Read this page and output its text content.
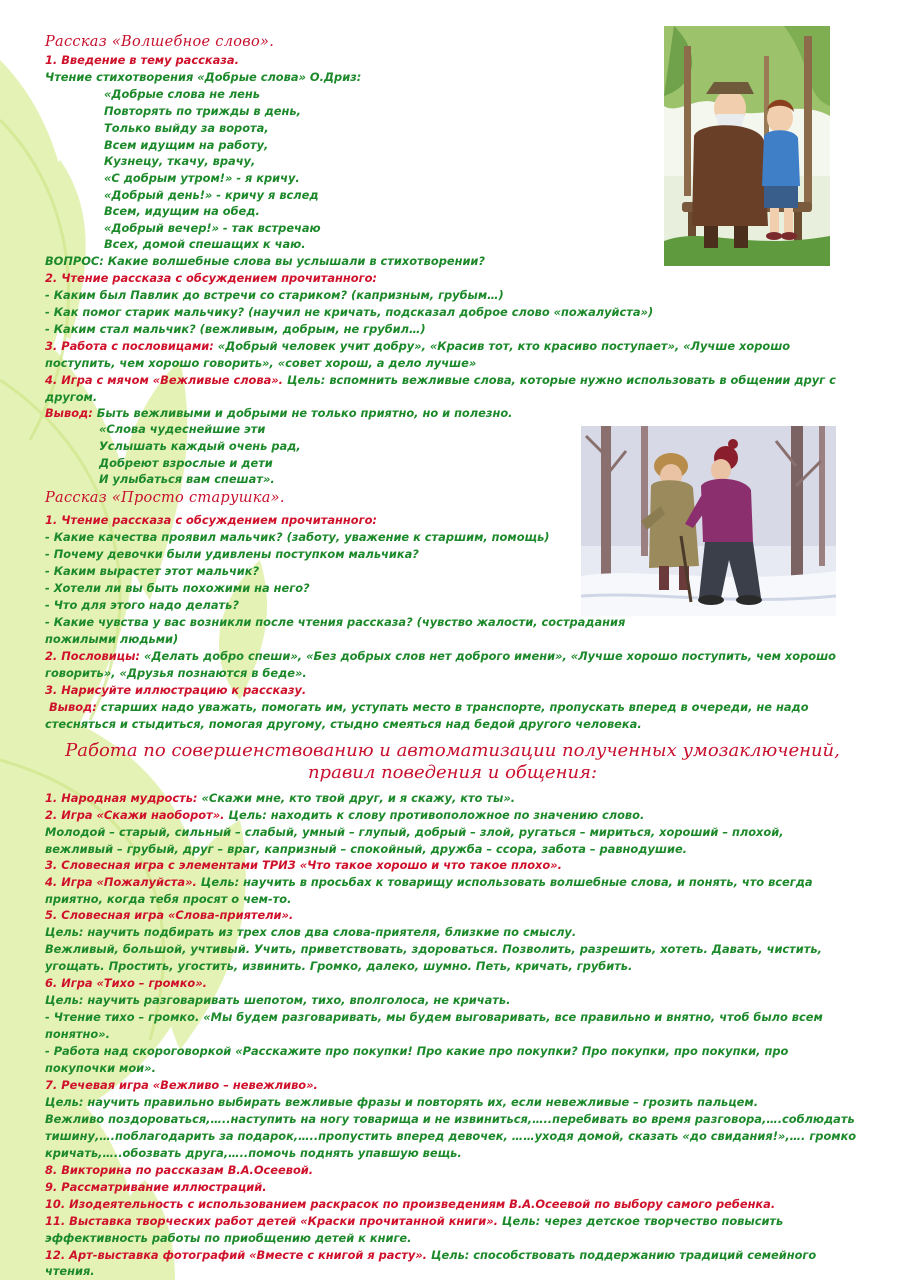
Рассказ «Волшебное слово».
1. Введение в тему рассказа.
Чтение стихотворения «Добрые слова» О.Дриз:
«Добрые слова не лень
Повторять по трижды в день,
Только выйду за ворота,
Всем идущим на работу,
Кузнецу, ткачу, врачу,
«С добрым утром!» - я кричу.
«Добрый день!» - кричу я вслед
Всем, идущим на обед.
«Добрый вечер!» - так встречаю
Всех, домой спешащих к чаю.
ВОПРОС: Какие волшебные слова вы услышали в стихотворении?
2. Чтение рассказа с обсуждением прочитанного:
- Каким был Павлик до встречи со стариком? (капризным, грубым…)
- Как помог старик мальчику? (научил не кричать, подсказал доброе слово «пожалуйста»)
- Каким стал мальчик? (вежливым, добрым, не грубил…)
3. Работа с пословицами: «Добрый человек учит добру», «Красив тот, кто красиво поступает», «Лучше хорошо
поступить, чем хорошо говорить», «совет хорош, а дело лучше»
4. Игра с мячом «Вежливые слова». Цель: вспомнить вежливые слова, которые нужно использовать в общении друг с
другом.
Вывод: Быть вежливыми и добрыми не только приятно, но и полезно.
«Слова чудеснейшие эти
Услышать каждый очень рад,
Добреют взрослые и дети
И улыбаться вам спешат».
Рассказ «Просто старушка».
1. Чтение рассказа с обсуждением прочитанного:
- Какие качества проявил мальчик? (заботу, уважение к старшим, помощь)
- Почему девочки были удивлены поступком мальчика?
- Каким вырастет этот мальчик?
- Хотели ли вы быть похожими на него?
- Что для этого надо делать?
- Какие чувства у вас возникли после чтения рассказа? (чувство жалости, сострадания
пожилыми людьми)
2. Пословицы: «Делать добро спеши», «Без добрых слов нет доброго имени», «Лучше хорошо поступить, чем хорошо
говорить», «Друзья познаются в беде».
3. Нарисуйте иллюстрацию к рассказу.
Вывод: старших надо уважать, помогать им, уступать место в транспорте, пропускать вперед в очереди, не надо
стесняться и стыдиться, помогая другому, стыдно смеяться над бедой другого человека.
Работа по совершенствованию и автоматизации полученных умозаключений,
правил поведения и общения:
1. Народная мудрость: «Скажи мне, кто твой друг, и я скажу, кто ты».
2. Игра «Скажи наоборот». Цель: находить к слову противоположное по значению слово.
Молодой – старый, сильный – слабый, умный – глупый, добрый – злой, ругаться – мириться, хороший – плохой,
вежливый – грубый, друг – враг, капризный – спокойный, дружба – ссора, забота – равнодушие.
3. Словесная игра с элементами ТРИЗ «Что такое хорошо и что такое плохо».
4. Игра «Пожалуйста». Цель: научить в просьбах к товарищу использовать волшебные слова, и понять, что всегда
приятно, когда тебя просят о чем-то.
5. Словесная игра «Слова-приятели».
Цель: научить подбирать из трех слов два слова-приятеля, близкие по смыслу.
Вежливый, большой, учтивый. Учить, приветствовать, здороваться. Позволить, разрешить, хотеть. Давать, чистить,
угощать. Простить, угостить, извинить. Громко, далеко, шумно. Петь, кричать, грубить.
6. Игра «Тихо – громко».
Цель: научить разговаривать шепотом, тихо, вполголоса, не кричать.
- Чтение тихо – громко. «Мы будем разговаривать, мы будем выговаривать, все правильно и внятно, чтоб было всем
понятно».
- Работа над скороговоркой «Расскажите про покупки! Про какие про покупки? Про покупки, про покупки, про
покупочки мои».
7. Речевая игра «Вежливо – невежливо».
Цель: научить правильно выбирать вежливые фразы и повторять их, если невежливые – грозить пальцем.
Вежливо поздороваться,…..наступить на ногу товарища и не извиниться,…..перебивать во время разговора,….соблюдать
тишину,….поблагодарить за подарок,…..пропустить вперед девочек, ……уходя домой, сказать «до свидания!»,…. громко
кричать,…..обозвать друга,…..помочь поднять упавшую вещь.
8. Викторина по рассказам В.А.Осеевой.
9. Рассматривание иллюстраций.
10. Изодеятельность с использованием раскрасок по произведениям В.А.Осеевой по выбору самого ребенка.
11. Выставка творческих работ детей «Краски прочитанной книги». Цель: через детское творчество повысить
эффективность работы по приобщению детей к книге.
12. Арт-выставка фотографий «Вместе с книгой я расту». Цель: способствовать поддержанию традиций семейного
чтения.
